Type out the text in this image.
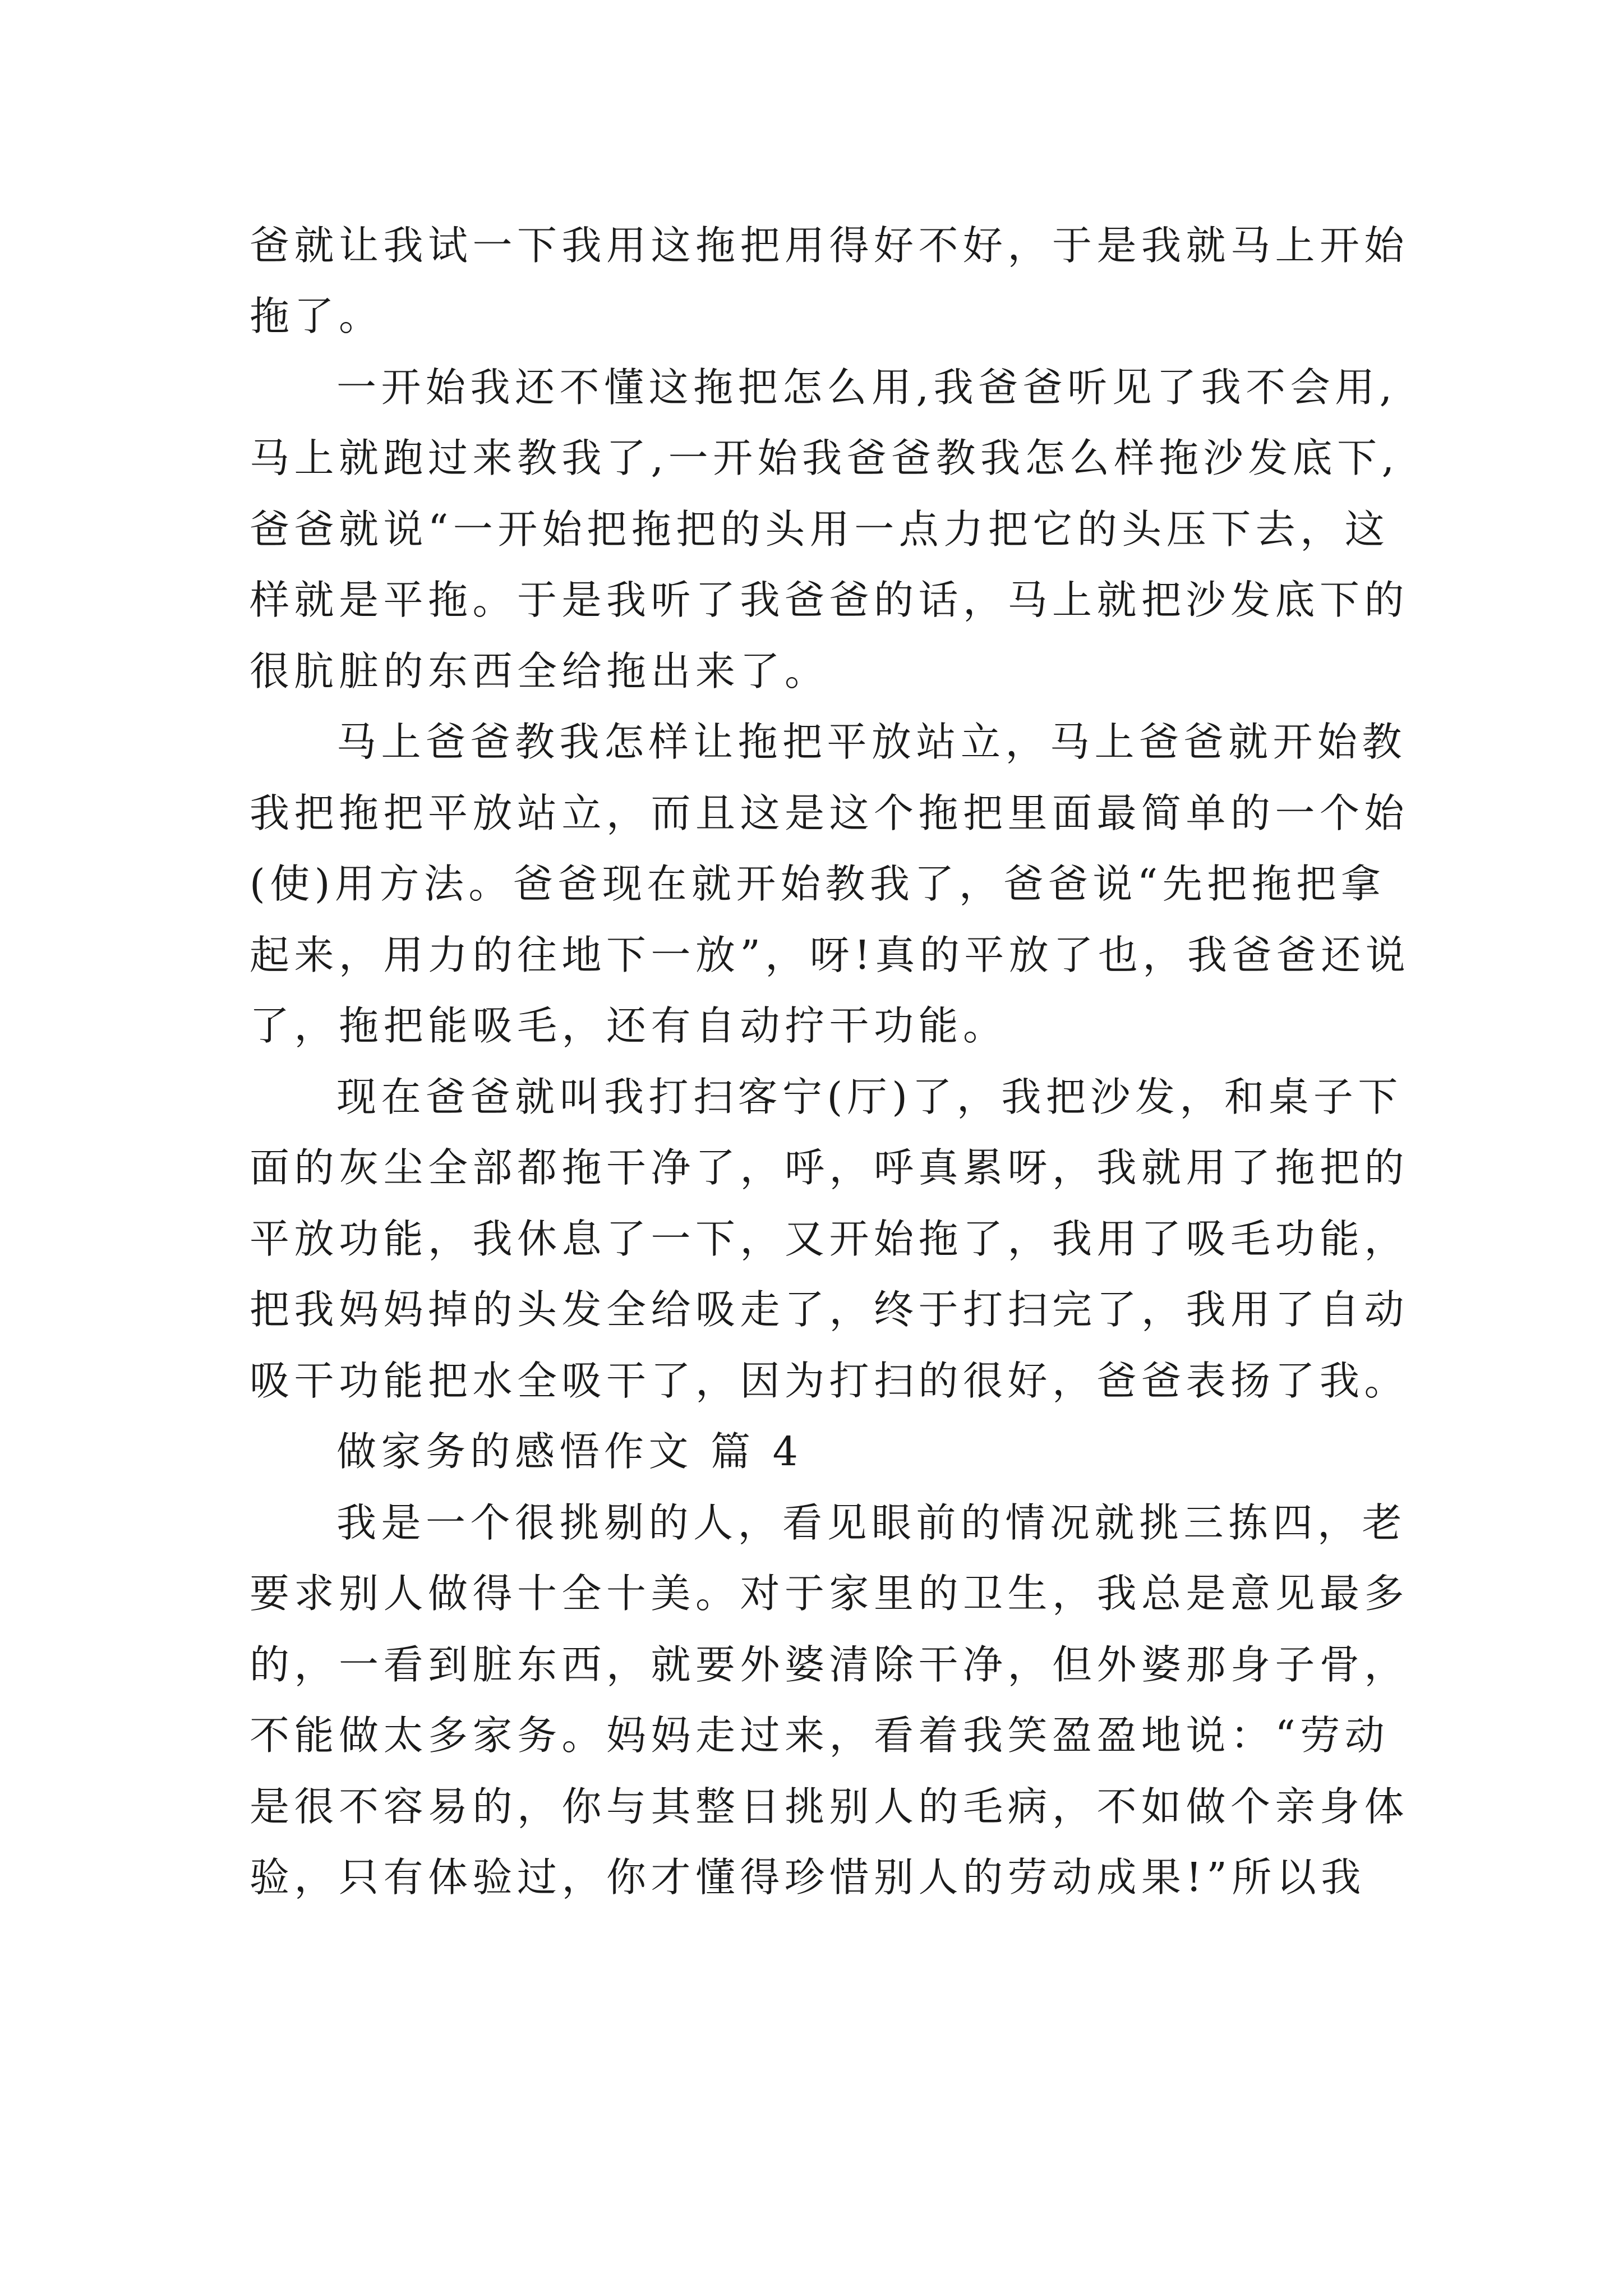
爸就让我试一下我用这拖把用得好不好，于是我就马上开始
拖了。
一开始我还不懂这拖把怎么用,我爸爸听见了我不会用,
马上就跑过来教我了,一开始我爸爸教我怎么样拖沙发底下,
爸爸就说“一开始把拖把的头用一点力把它的头压下去，这
样就是平拖。于是我听了我爸爸的话，马上就把沙发底下的
很肮脏的东西全给拖出来了。
马上爸爸教我怎样让拖把平放站立，马上爸爸就开始教
我把拖把平放站立，而且这是这个拖把里面最简单的一个始
(使)用方法。爸爸现在就开始教我了，爸爸说“先把拖把拿
起来，用力的往地下一放”，呀!真的平放了也，我爸爸还说
了，拖把能吸毛，还有自动拧干功能。
现在爸爸就叫我打扫客宁(厅)了，我把沙发，和桌子下
面的灰尘全部都拖干净了，呼，呼真累呀，我就用了拖把的
平放功能，我休息了一下，又开始拖了，我用了吸毛功能，
把我妈妈掉的头发全给吸走了，终于打扫完了，我用了自动
吸干功能把水全吸干了，因为打扫的很好，爸爸表扬了我。
做家务的感悟作文 篇 4
我是一个很挑剔的人，看见眼前的情况就挑三拣四，老
要求别人做得十全十美。对于家里的卫生，我总是意见最多
的，一看到脏东西，就要外婆清除干净，但外婆那身子骨，
不能做太多家务。妈妈走过来，看着我笑盈盈地说：“劳动
是很不容易的，你与其整日挑别人的毛病，不如做个亲身体
验，只有体验过，你才懂得珍惜别人的劳动成果!”所以我
